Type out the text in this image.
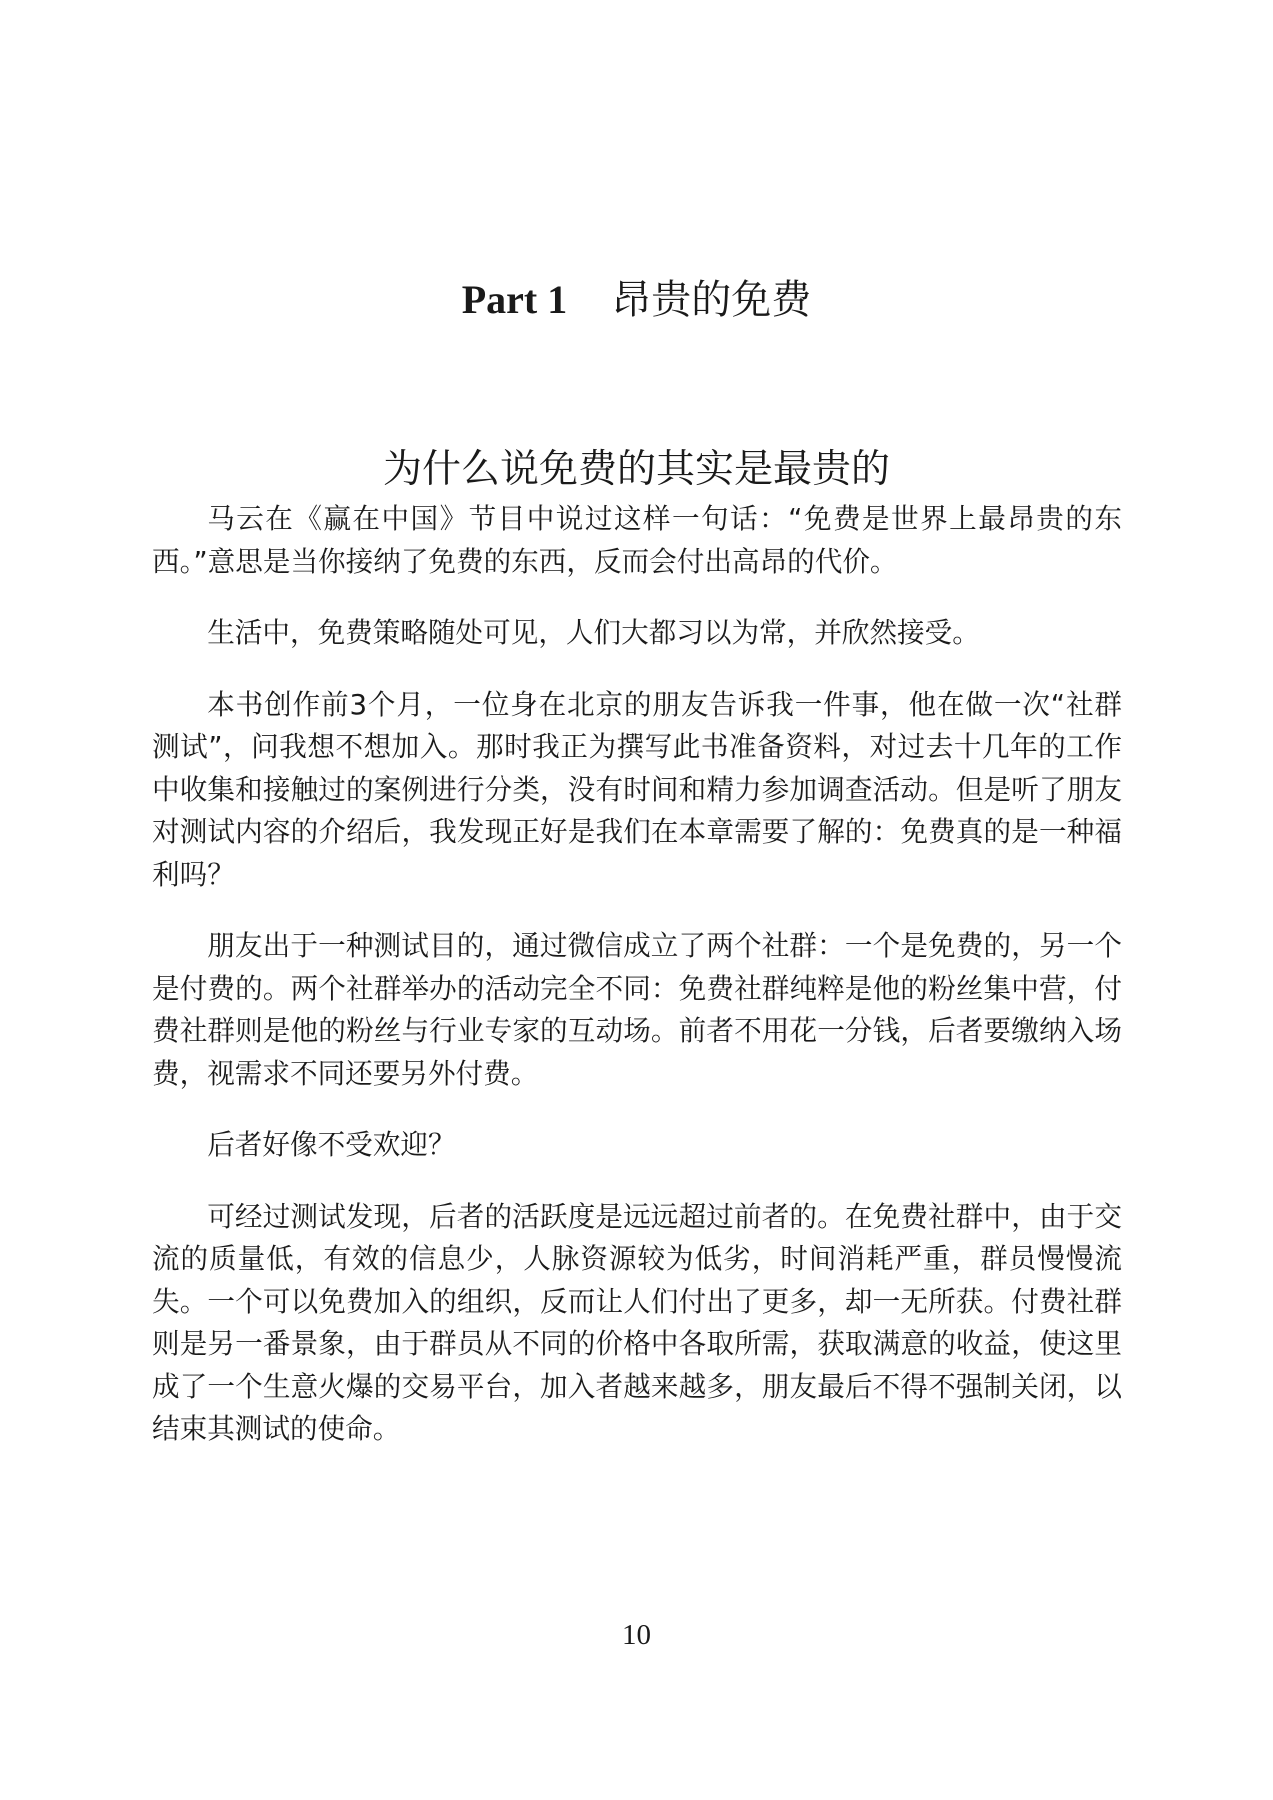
Part 1 昂贵的免费
为什么说免费的其实是最贵的

马云在《赢在中国》节目中说过这样一句话：“免费是世界上最昂贵的东西。”意思是当你接纳了免费的东西，反而会付出高昂的代价。

生活中，免费策略随处可见，人们大都习以为常，并欣然接受。

本书创作前3个月，一位身在北京的朋友告诉我一件事，他在做一次“社群测试”，问我想不想加入。那时我正为撰写此书准备资料，对过去十几年的工作中收集和接触过的案例进行分类，没有时间和精力参加调查活动。但是听了朋友对测试内容的介绍后，我发现正好是我们在本章需要了解的：免费真的是一种福利吗？

朋友出于一种测试目的，通过微信成立了两个社群：一个是免费的，另一个是付费的。两个社群举办的活动完全不同：免费社群纯粹是他的粉丝集中营，付费社群则是他的粉丝与行业专家的互动场。前者不用花一分钱，后者要缴纳入场费，视需求不同还要另外付费。

后者好像不受欢迎？

可经过测试发现，后者的活跃度是远远超过前者的。在免费社群中，由于交流的质量低，有效的信息少，人脉资源较为低劣，时间消耗严重，群员慢慢流失。一个可以免费加入的组织，反而让人们付出了更多，却一无所获。付费社群则是另一番景象，由于群员从不同的价格中各取所需，获取满意的收益，使这里成了一个生意火爆的交易平台，加入者越来越多，朋友最后不得不强制关闭，以结束其测试的使命。

10
